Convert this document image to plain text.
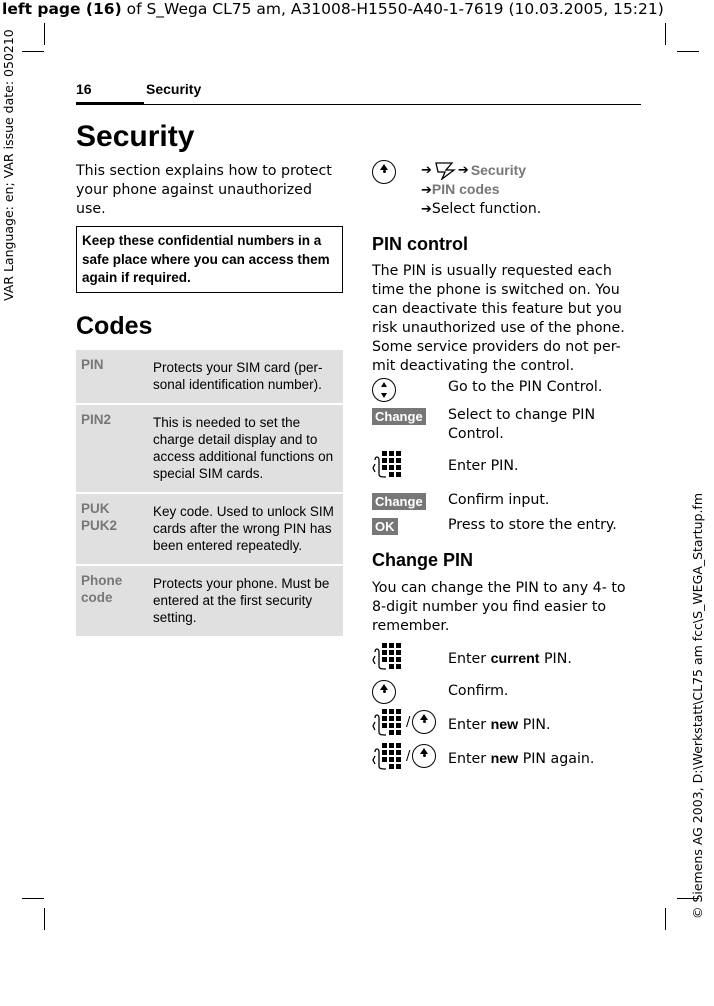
left page (16) of S_Wega CL75 am, A31008-H1550-A40-1-7619 (10.03.2005, 15:21)
VAR Language: en; VAR issue date: 050210
© Siemens AG 2003, D:\Werkstatt\CL75 am fcc\S_WEGA_Startup.fm
16	Security
Security
This section explains how to protect your phone against unauthorized use.
Keep these confidential numbers in a safe place where you can access them again if required.
Codes
PIN	Protects your SIM card (per-sonal identification number).
PIN2	This is needed to set the charge detail display and to access additional functions on special SIM cards.
PUK
PUK2	Key code. Used to unlock SIM cards after the wrong PIN has been entered repeatedly.
Phone
code	Protects your phone. Must be entered at the first security setting.
➔ ➔ Security
➔PIN codes
➔Select function.
PIN control
The PIN is usually requested each time the phone is switched on. You can deactivate this feature but you risk unauthorized use of the phone. Some service providers do not per-mit deactivating the control.
Go to the PIN Control.
Change	Select to change PIN Control.
Enter PIN.
Change	Confirm input.
OK	Press to store the entry.
Change PIN
You can change the PIN to any 4- to 8-digit number you find easier to remember.
Enter current PIN.
Confirm.
/	Enter new PIN.
/	Enter new PIN again.
